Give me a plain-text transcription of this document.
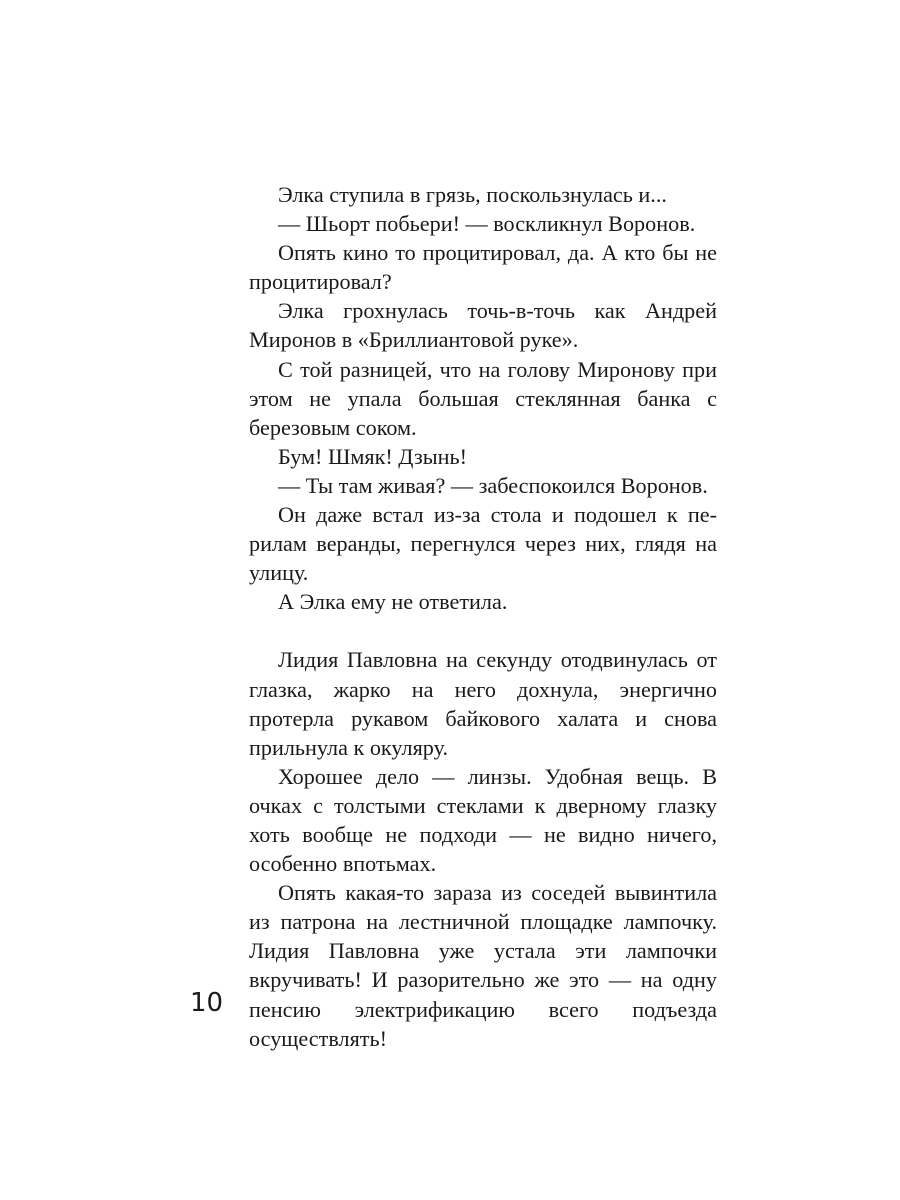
Элка ступила в грязь, поскользнулась и...

— Шьорт побьери! — воскликнул Воронов.

Опять кино то процитировал, да. А кто бы не процитировал?

Элка грохнулась точь-в-точь как Андрей Миронов в «Бриллиантовой руке».

С той разницей, что на голову Миронову при этом не упала большая стеклянная банка с березовым соком.

Бум! Шмяк! Дзынь!

— Ты там живая? — забеспокоился Воронов.

Он даже встал из-за стола и подошел к перилам веранды, перегнулся через них, глядя на улицу.

А Элка ему не ответила.

Лидия Павловна на секунду отодвинулась от глазка, жарко на него дохнула, энергично протерла рукавом байкового халата и снова прильнула к окуляру.

Хорошее дело — линзы. Удобная вещь. В очках с толстыми стеклами к дверному глазку хоть вообще не подходи — не видно ничего, особенно впотьмах.

Опять какая-то зараза из соседей вывинтила из патрона на лестничной площадке лампочку. Лидия Павловна уже устала эти лампочки вкручивать! И разорительно же это — на одну пенсию электрификацию всего подъезда осуществлять!

10
